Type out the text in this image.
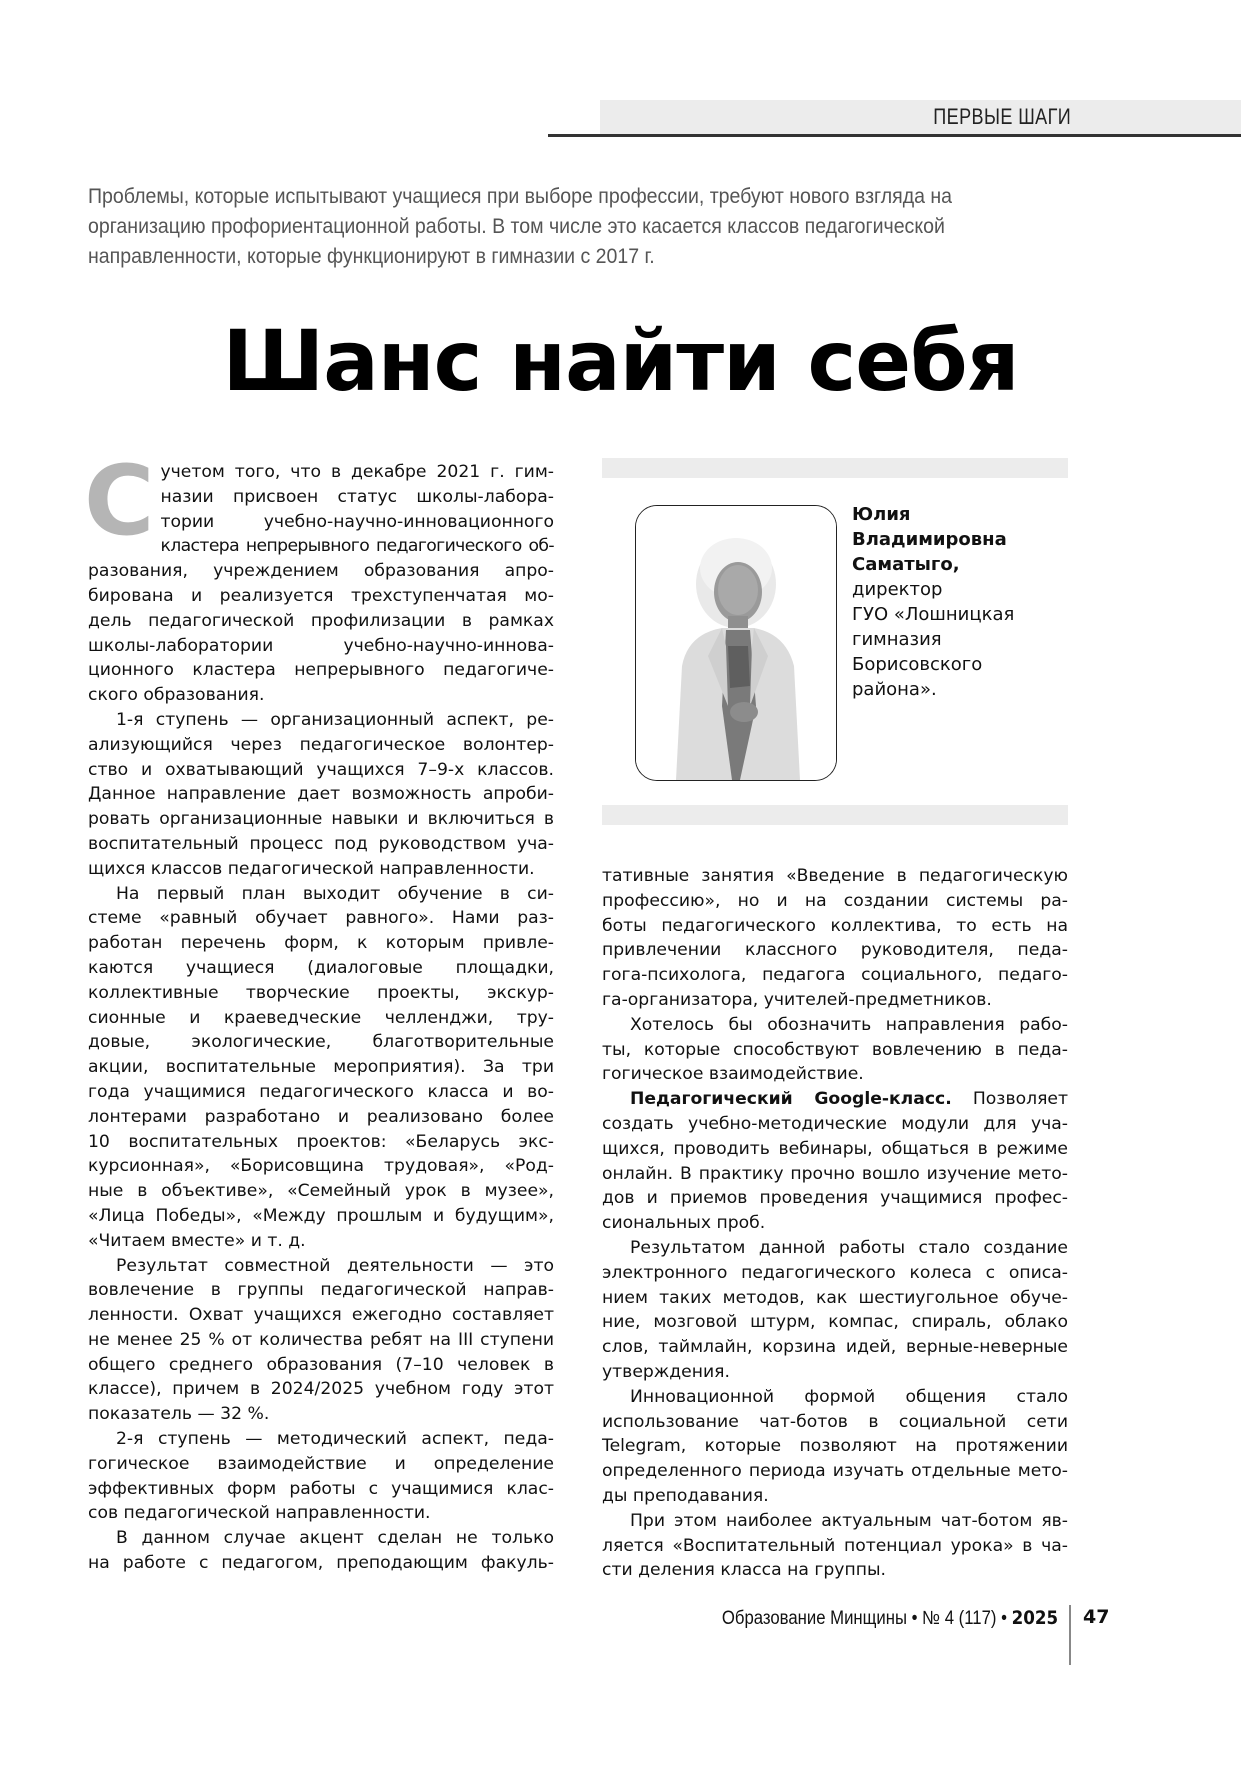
ПЕРВЫЕ ШАГИ
Проблемы, которые испытывают учащиеся при выборе профессии, требуют нового взгляда на
организацию профориентационной работы. В том числе это касается классов педагогической
направленности, которые функционируют в гимназии с 2017 г.
Шанс найти себя
С учетом того, что в декабре 2021 г. гим-
назии присвоен статус школы-лабора-
тории учебно-научно-инновационного
кластера непрерывного педагогического об-
разования, учреждением образования апро-
бирована и реализуется трехступенчатая мо-
дель педагогической профилизации в рамках
школы-лаборатории учебно-научно-иннова-
ционного кластера непрерывного педагогиче-
ского образования.
1-я ступень — организационный аспект, ре-
ализующийся через педагогическое волонтер-
ство и охватывающий учащихся 7–9-х классов.
Данное направление дает возможность апроби-
ровать организационные навыки и включиться в
воспитательный процесс под руководством уча-
щихся классов педагогической направленности.
На первый план выходит обучение в си-
стеме «равный обучает равного». Нами раз-
работан перечень форм, к которым привле-
каются учащиеся (диалоговые площадки,
коллективные творческие проекты, экскур-
сионные и краеведческие челленджи, тру-
довые, экологические, благотворительные
акции, воспитательные мероприятия). За три
года учащимися педагогического класса и во-
лонтерами разработано и реализовано более
10 воспитательных проектов: «Беларусь экс-
курсионная», «Борисовщина трудовая», «Род-
ные в объективе», «Семейный урок в музее»,
«Лица Победы», «Между прошлым и будущим»,
«Читаем вместе» и т. д.
Результат совместной деятельности — это
вовлечение в группы педагогической направ-
ленности. Охват учащихся ежегодно составляет
не менее 25 % от количества ребят на III ступени
общего среднего образования (7–10 человек в
классе), причем в 2024/2025 учебном году этот
показатель — 32 %.
2-я ступень — методический аспект, педа-
гогическое взаимодействие и определение
эффективных форм работы с учащимися клас-
сов педагогической направленности.
В данном случае акцент сделан не только
на работе с педагогом, преподающим факуль-
Юлия
Владимировна
Саматыго,
директор
ГУО «Лошницкая
гимназия
Борисовского
района».
тативные занятия «Введение в педагогическую
профессию», но и на создании системы ра-
боты педагогического коллектива, то есть на
привлечении классного руководителя, педа-
гога-психолога, педагога социального, педаго-
га-организатора, учителей-предметников.
Хотелось бы обозначить направления рабо-
ты, которые способствуют вовлечению в педа-
гогическое взаимодействие.
Педагогический Google-класс. Позволяет
создать учебно-методические модули для уча-
щихся, проводить вебинары, общаться в режиме
онлайн. В практику прочно вошло изучение мето-
дов и приемов проведения учащимися профес-
сиональных проб.
Результатом данной работы стало создание
электронного педагогического колеса с описа-
нием таких методов, как шестиугольное обуче-
ние, мозговой штурм, компас, спираль, облако
слов, таймлайн, корзина идей, верные-неверные
утверждения.
Инновационной формой общения стало
использование чат-ботов в социальной сети
Telegram, которые позволяют на протяжении
определенного периода изучать отдельные мето-
ды преподавания.
При этом наиболее актуальным чат-ботом яв-
ляется «Воспитательный потенциал урока» в ча-
сти деления класса на группы.
Образование Минщины • № 4 (117) • 2025 47
